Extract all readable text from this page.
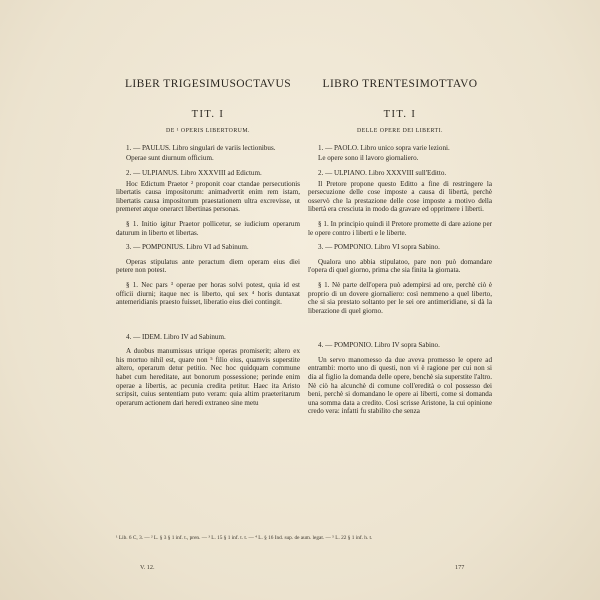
LIBER TRIGESIMUSOCTAVUS
TIT. I
DE ¹ OPERIS LIBERTORUM.

1. — PAULUS. Libro singulari de variis lectionibus.

Operae sunt diurnum officium.

2. — ULPIANUS. Libro XXXVIII ad Edictum.

Hoc Edictum Praetor ² proponit coar ctandae persecutionis libertatis causa impositorum: animadvertit enim rem istam, libertatis causa impositorum praestationem ultra excrevisse, ut premeret atque onerarct libertinas personas.

§ 1. Initio igitur Praetor pollicetur, se iudicium operarum daturum in liberto et libertas.

3. — POMPONIUS. Libro VI ad Sabinum.

Operas stipulatus ante peractum diem operam eius diei petere non potest.

§ 1. Nec pars ³ operae per horas solvi potest, quia id est officii diurni; itaque nec is liberto, qui sex ⁴ horis duntaxat antemeridianis praesto fuisset, liberatio eius diei contingit.

4. — IDEM. Libro IV ad Sabinum.

A duobus manumissus utrique operas promiserit; altero ex his mortuo nihil est, quare non ⁵ filio eius, quamvis superstite altero, operarum detur petitio. Nec hoc quidquam commune habet cum hereditate, aut bonorum possessione; perinde enim operae a libertis, ac pecunia credita petitur. Haec ita Aristo scripsit, cuius sententiam puto veram: quia altim praeteritarum operarum actionem dari heredi extraneo sine metu

LIBRO TRENTESIMOTTAVO
TIT. I
DELLE OPERE DEI LIBERTI.

1. — PAOLO. Libro unico sopra varie lezioni.

Le opere sono il lavoro giornaliero.

2. — ULPIANO. Libro XXXVIII sull'Editto.

Il Pretore propone questo Editto a fine di restringere la persecuzione delle cose imposte a causa di libertà, perchè osservò che la prestazione delle cose imposte a motivo della libertà era cresciuta in modo da gravare ed opprimere i liberti.

§ 1. In principio quindi il Pretore promette di dare azione per le opere contro i liberti e le liberte.

3. — POMPONIO. Libro VI sopra Sabino.

Qualora uno abbia stipulatoo, pare non può domandare l'opera di quel giorno, prima che sia finita la giornata.

§ 1. Nè parte dell'opera può adempirsi ad ore, perchè ciò è proprio di un dovere giornaliero: così nemmeno a quel liberto, che si sia prestato soltanto per le sei ore antimeridiane, si dà la liberazione di quel giorno.

4. — POMPONIO. Libro IV sopra Sabino.

Un servo manomesso da due aveva promesso le opere ad entrambi: morto uno di questi, non vi è ragione per cui non si dia al figlio la domanda delle opere, benchè sia superstite l'altro. Nè ciò ha alcunchè di comune coll'eredità o col possesso dei beni, perchè si domandano le opere ai liberti, come si domanda una somma data a credito. Così scrisse Aristone, la cui opinione credo vera: infatti fu stabilito che senza

¹ Lib. 6 C, 3. — ² L. § 3 § 1 inf. t., pren. — ³ L. 15 § 1 inf. t. t. — ⁴ L. § 16 Ind. sup. de aum. legat. — ⁵ L. 22 § 1 inf. h. t.
V. 12.	177
